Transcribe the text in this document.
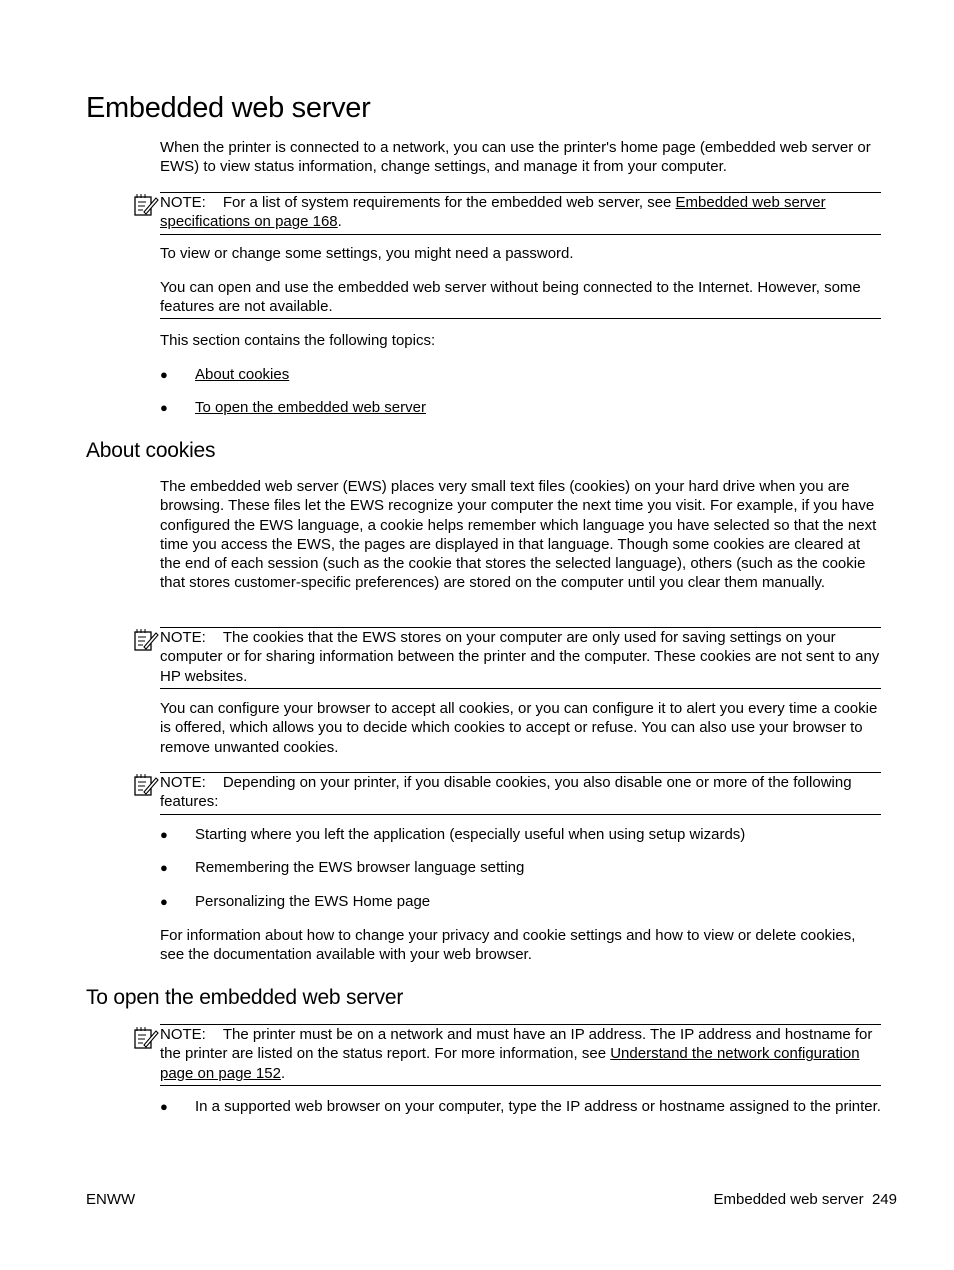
Embedded web server

When the printer is connected to a network, you can use the printer's home page (embedded web server or EWS) to view status information, change settings, and manage it from your computer.

NOTE: For a list of system requirements for the embedded web server, see Embedded web server specifications on page 168.

To view or change some settings, you might need a password.

You can open and use the embedded web server without being connected to the Internet. However, some features are not available.

This section contains the following topics:

● About cookies
● To open the embedded web server
About cookies

The embedded web server (EWS) places very small text files (cookies) on your hard drive when you are browsing. These files let the EWS recognize your computer the next time you visit. For example, if you have configured the EWS language, a cookie helps remember which language you have selected so that the next time you access the EWS, the pages are displayed in that language. Though some cookies are cleared at the end of each session (such as the cookie that stores the selected language), others (such as the cookie that stores customer-specific preferences) are stored on the computer until you clear them manually.

NOTE: The cookies that the EWS stores on your computer are only used for saving settings on your computer or for sharing information between the printer and the computer. These cookies are not sent to any HP websites.

You can configure your browser to accept all cookies, or you can configure it to alert you every time a cookie is offered, which allows you to decide which cookies to accept or refuse. You can also use your browser to remove unwanted cookies.

NOTE: Depending on your printer, if you disable cookies, you also disable one or more of the following features:
● Starting where you left the application (especially useful when using setup wizards)
● Remembering the EWS browser language setting
● Personalizing the EWS Home page

For information about how to change your privacy and cookie settings and how to view or delete cookies, see the documentation available with your web browser.

To open the embedded web server
NOTE: The printer must be on a network and must have an IP address. The IP address and hostname for the printer are listed on the status report. For more information, see Understand the network configuration page on page 152.
● In a supported web browser on your computer, type the IP address or hostname assigned to the printer.
ENWW	Embedded web server 249
